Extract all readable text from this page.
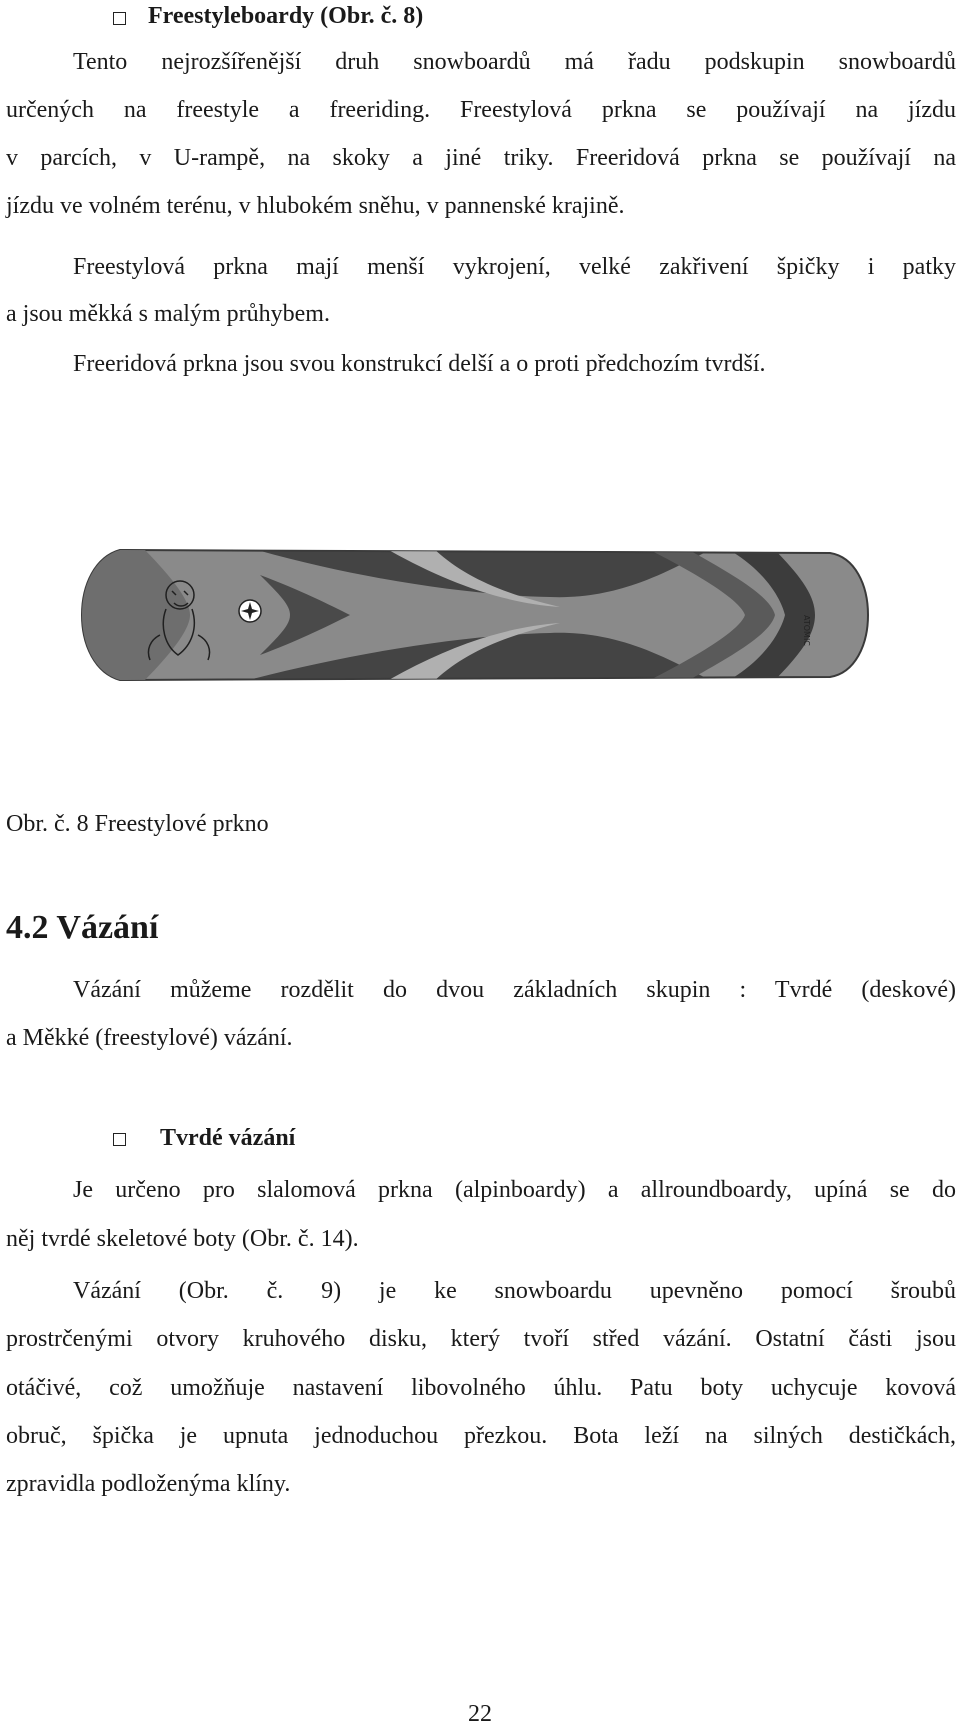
Freestyleboardy (Obr. č. 8)
Tento nejrozšířenější druh snowboardů má řadu podskupin snowboardů
určených na freestyle a freeriding. Freestylová prkna se používají na jízdu
v parcích, v U-rampě, na skoky a jiné triky. Freeridová prkna se používají na
jízdu ve volném terénu, v hlubokém sněhu, v pannenské krajině.
Freestylová prkna mají menší vykrojení, velké zakřivení špičky i patky
a jsou měkká s malým průhybem.
Freeridová prkna jsou svou konstrukcí delší a o proti předchozím tvrdší.
ATOMIC
Obr. č. 8 Freestylové prkno
4.2 Vázání
Vázání můžeme rozdělit do dvou základních skupin : Tvrdé (deskové)
a Měkké (freestylové) vázání.
Tvrdé vázání
Je určeno pro slalomová prkna (alpinboardy) a allroundboardy, upíná se do
něj tvrdé skeletové boty (Obr. č. 14).
Vázání (Obr. č. 9) je ke snowboardu upevněno pomocí šroubů
prostrčenými otvory kruhového disku, který tvoří střed vázání. Ostatní části jsou
otáčivé, což umožňuje nastavení libovolného úhlu. Patu boty uchycuje kovová
obruč, špička je upnuta jednoduchou přezkou. Bota leží na silných destičkách,
zpravidla podloženýma klíny.
22
